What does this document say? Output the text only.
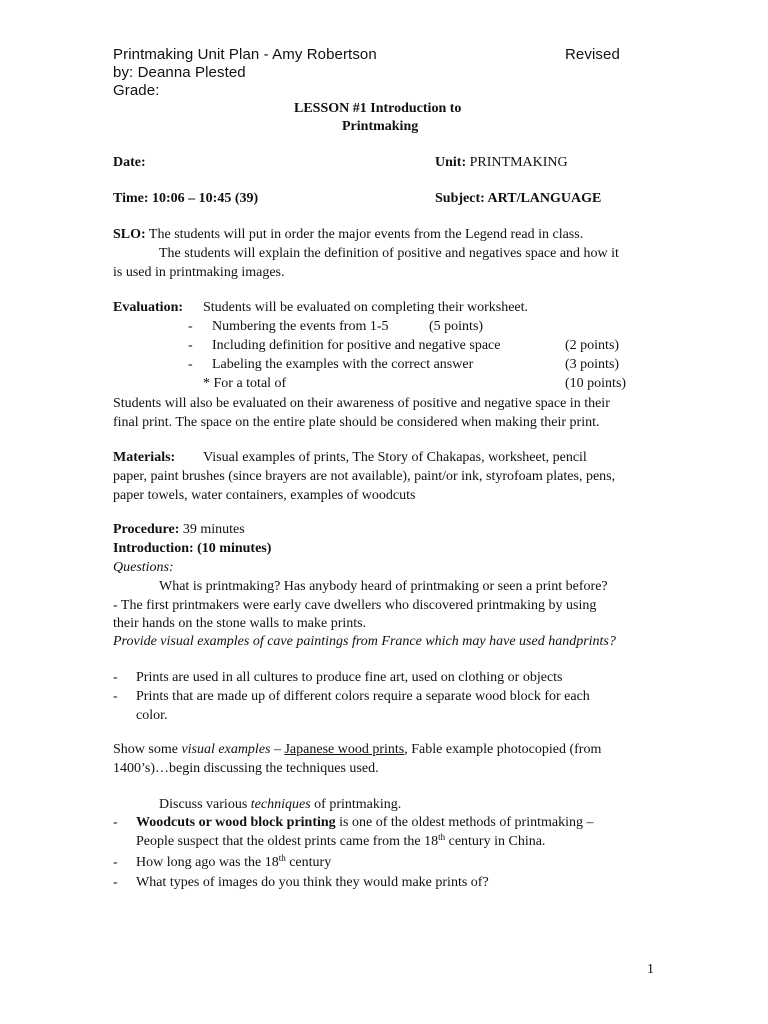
Printmaking Unit Plan - Amy Robertson	Revised
by: Deanna Plested
Grade:
LESSON #1 Introduction to
Printmaking
Date:	Unit: PRINTMAKING
Time: 10:06 – 10:45 (39)	Subject: ART/LANGUAGE
SLO: The students will put in order the major events from the Legend read in class.
The students will explain the definition of positive and negatives space and how it
is used in printmaking images.
Evaluation: Students will be evaluated on completing their worksheet.
- Numbering the events from 1-5	(5 points)
- Including definition for positive and negative space	(2 points)
- Labeling the examples with the correct answer	(3 points)
* For a total of	(10 points)
Students will also be evaluated on their awareness of positive and negative space in their
final print. The space on the entire plate should be considered when making their print.
Materials: Visual examples of prints, The Story of Chakapas, worksheet, pencil
paper, paint brushes (since brayers are not available), paint/or ink, styrofoam plates, pens,
paper towels, water containers, examples of woodcuts
Procedure: 39 minutes
Introduction: (10 minutes)
Questions:
What is printmaking? Has anybody heard of printmaking or seen a print before?
- The first printmakers were early cave dwellers who discovered printmaking by using
their hands on the stone walls to make prints.
Provide visual examples of cave paintings from France which may have used handprints?
- Prints are used in all cultures to produce fine art, used on clothing or objects
- Prints that are made up of different colors require a separate wood block for each
color.
Show some visual examples – Japanese wood prints, Fable example photocopied (from
1400’s)…begin discussing the techniques used.
Discuss various techniques of printmaking.
- Woodcuts or wood block printing is one of the oldest methods of printmaking –
People suspect that the oldest prints came from the 18th century in China.
- How long ago was the 18th century
- What types of images do you think they would make prints of?
1
